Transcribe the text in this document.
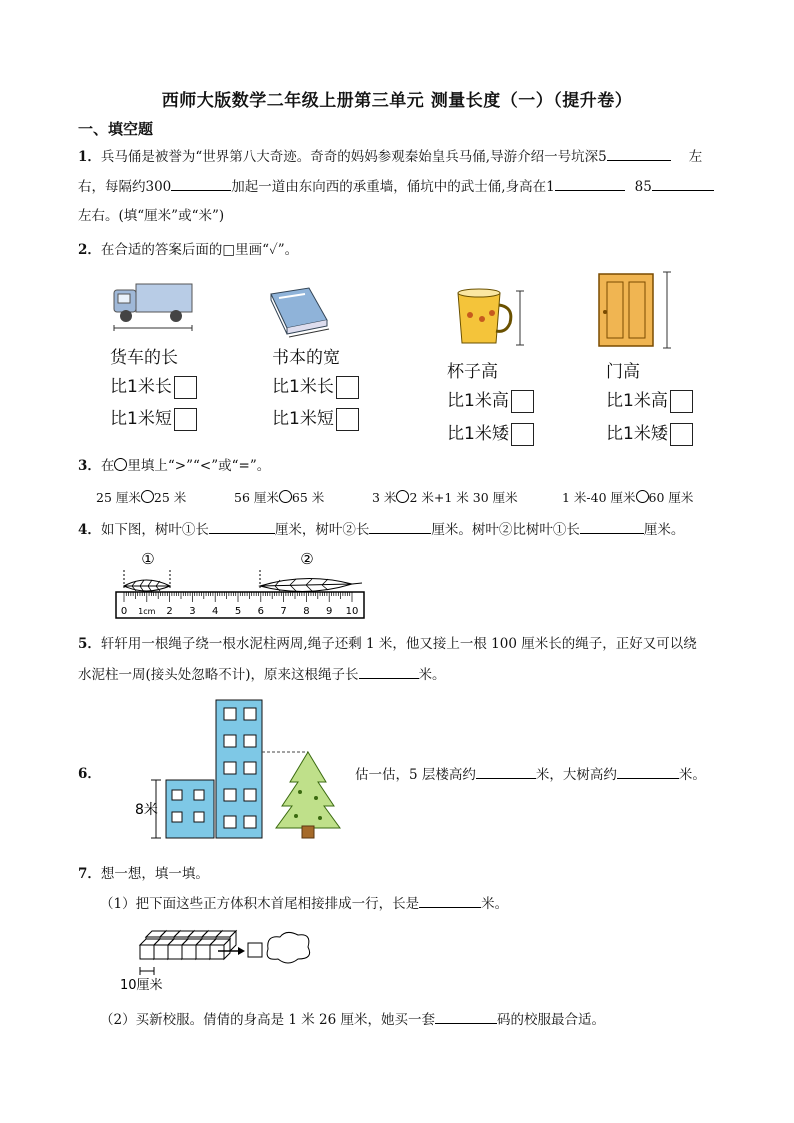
西师大版数学二年级上册第三单元 测量长度（一）（提升卷）
一、填空题
1．兵马俑是被誉为“世界第八大奇迹。奇奇的妈妈参观秦始皇兵马俑,导游介绍一号坑深5	左
右，每隔约300	加起一道由东向西的承重墙，俑坑中的武士俑,身高在1	85
左右。(填“厘米”或“米”)
2．在合适的答案后面的□里画“✓”。
货车的长
比1米长
比1米短
书本的宽
比1米长
比1米短
杯子高
比1米高
比1米矮
门高
比1米高
比1米矮
3．在 里填上“>”“<”或“=”。
25 厘米 25 米	56 厘米 65 米	3 米 2 米+1 米 30 厘米	1 米-40 厘米 60 厘米
4．如下图，树叶①长	厘米，树叶②长	厘米。树叶②比树叶①长	厘米。
①	②
0 1cm 2 3 4 5 6 7 8 9 10
5．轩轩用一根绳子绕一根水泥柱两周,绳子还剩 1 米，他又接上一根 100 厘米长的绳子，正好又可以绕
水泥柱一周(接头处忽略不计)，原来这根绳子长	米。
6．
8米
估一估，5 层楼高约	米，大树高约	米。
7．想一想，填一填。
（1）把下面这些正方体积木首尾相接排成一行，长是	米。
10厘米
（2）买新校服。倩倩的身高是 1 米 26 厘米，她买一套	码的校服最合适。
